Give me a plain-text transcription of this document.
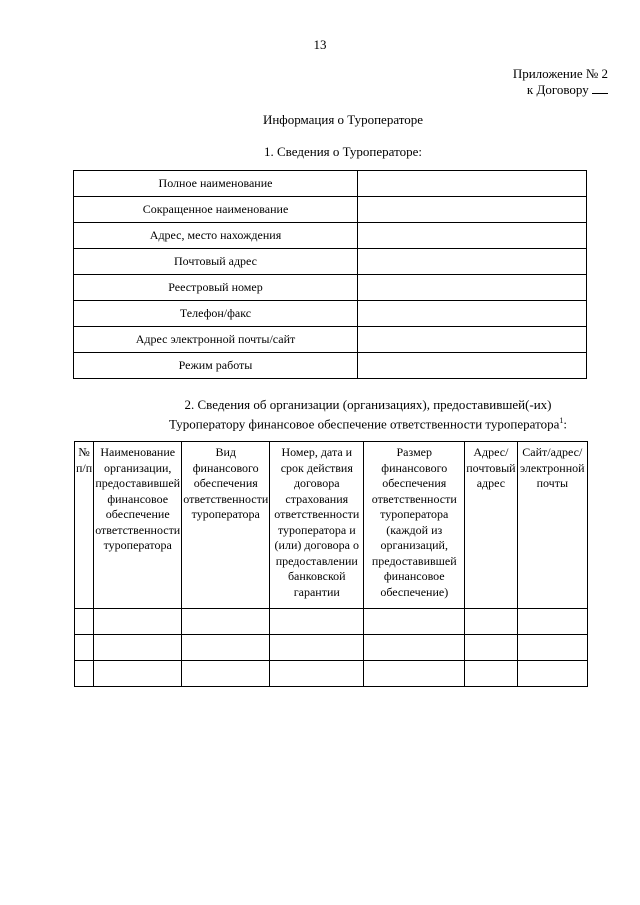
13
Приложение № 2
к Договору
Информация о Туроператоре
1. Сведения о Туроператоре:
Полное наименование	
Сокращенное наименование	
Адрес, место нахождения	
Почтовый адрес	
Реестровый номер	
Телефон/факс	
Адрес электронной почты/сайт	
Режим работы	
2. Сведения об организации (организациях), предоставившей(-их)
Туроператору финансовое обеспечение ответственности туроператора$^1$:
№ п/п	Наименование организации, предоставившей финансовое обеспечение ответственности туроператора	Вид финансового обеспечения ответственности туроператора	Номер, дата и срок действия договора страхования ответственности туроператора и (или) договора о предоставлении банковской гарантии	Размер финансового обеспечения ответственности туроператора (каждой из организаций, предоставившей финансовое обеспечение)	Адрес/почтовый адрес	Сайт/адрес/электронной почты
